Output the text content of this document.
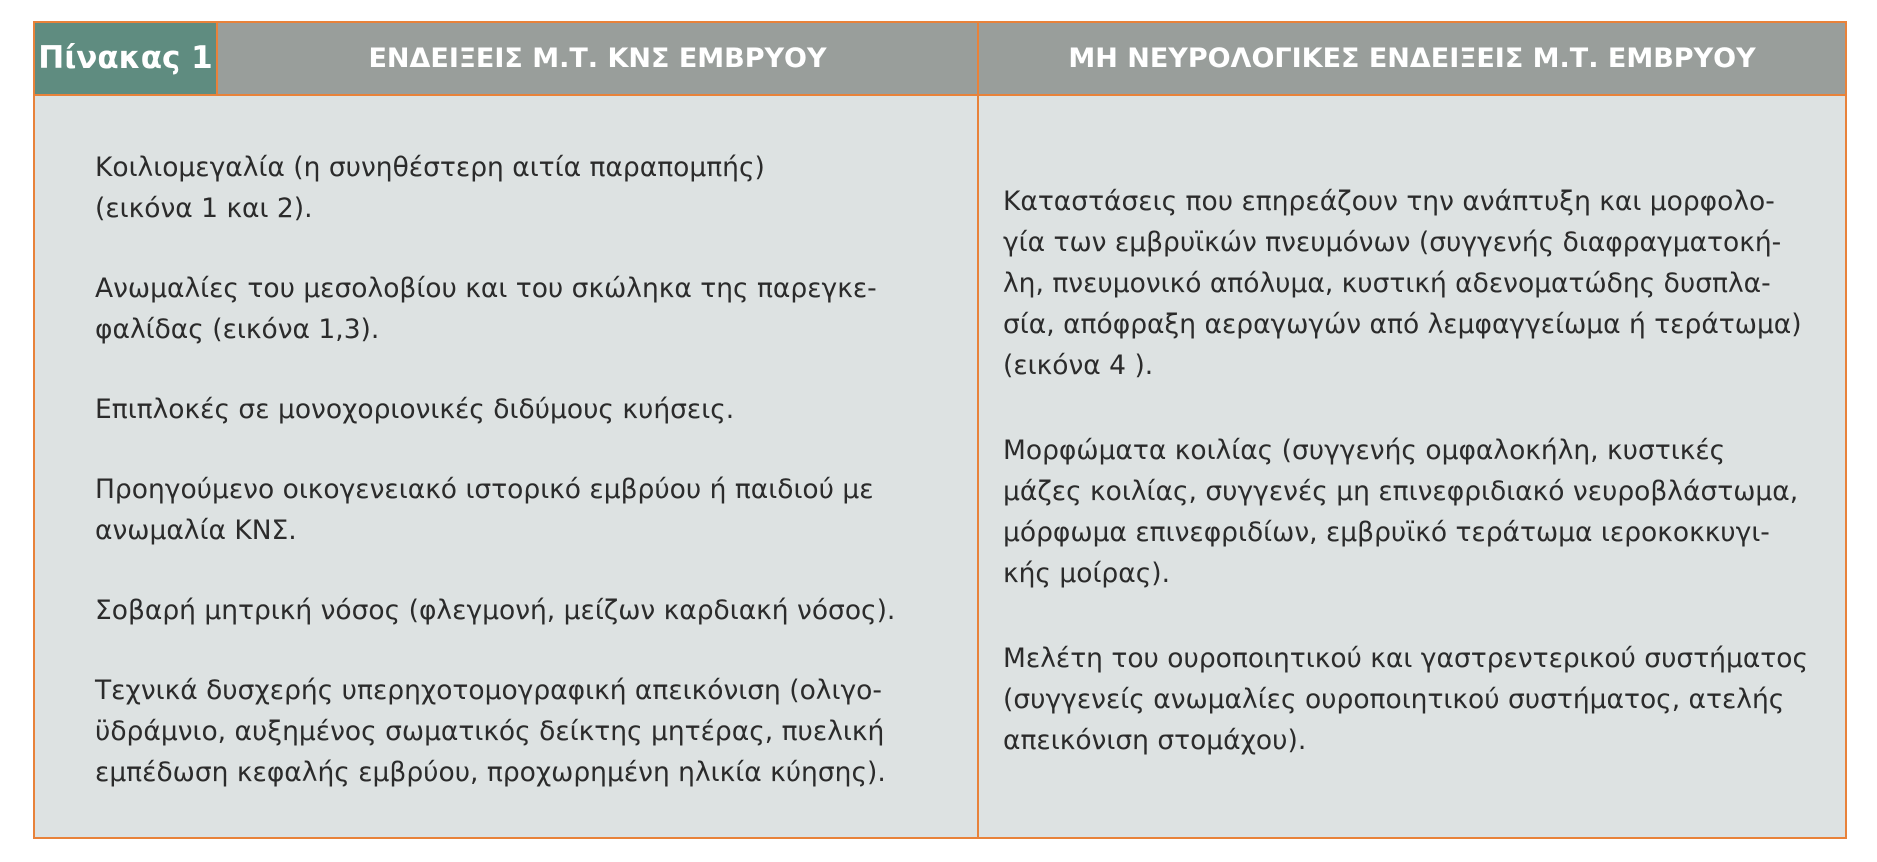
Πίνακας 1	ΕΝΔΕΙΞΕΙΣ Μ.Τ. ΚΝΣ ΕΜΒΡΥΟΥ	ΜΗ ΝΕΥΡΟΛΟΓΙΚΕΣ ΕΝΔΕΙΞΕΙΣ Μ.Τ. ΕΜΒΡΥΟΥ

Κοιλιομεγαλία (η συνηθέστερη αιτία παραπομπής)
(εικόνα 1 και 2).

Ανωμαλίες του μεσολοβίου και του σκώληκα της παρεγκε-
φαλίδας (εικόνα 1,3).

Επιπλοκές σε μονοχοριονικές διδύμους κυήσεις.

Προηγούμενο οικογενειακό ιστορικό εμβρύου ή παιδιού με
ανωμαλία ΚΝΣ.

Σοβαρή μητρική νόσος (φλεγμονή, μείζων καρδιακή νόσος).

Τεχνικά δυσχερής υπερηχοτομογραφική απεικόνιση (ολιγο-
ϋδράμνιο, αυξημένος σωματικός δείκτης μητέρας, πυελική
εμπέδωση κεφαλής εμβρύου, προχωρημένη ηλικία κύησης).

Καταστάσεις που επηρεάζουν την ανάπτυξη και μορφολο-
γία των εμβρυϊκών πνευμόνων (συγγενής διαφραγματοκή-
λη, πνευμονικό απόλυμα, κυστική αδενοματώδης δυσπλα-
σία, απόφραξη αεραγωγών από λεμφαγγείωμα ή τεράτωμα)
(εικόνα 4 ).

Μορφώματα κοιλίας (συγγενής ομφαλοκήλη, κυστικές
μάζες κοιλίας, συγγενές μη επινεφριδιακό νευροβλάστωμα,
μόρφωμα επινεφριδίων, εμβρυϊκό τεράτωμα ιεροκοκκυγι-
κής μοίρας).

Μελέτη του ουροποιητικού και γαστρεντερικού συστήματος
(συγγενείς ανωμαλίες ουροποιητικού συστήματος, ατελής
απεικόνιση στομάχου).
